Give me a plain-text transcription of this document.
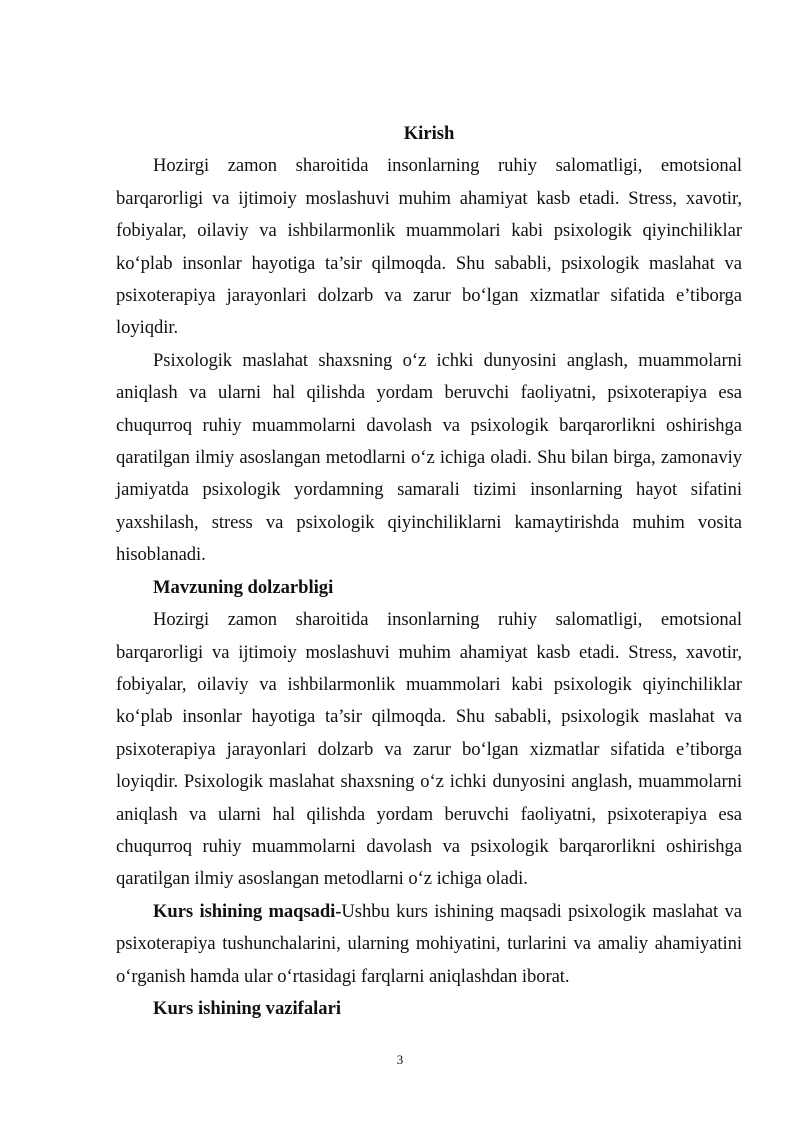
Kirish

Hozirgi zamon sharoitida insonlarning ruhiy salomatligi, emotsional barqarorligi va ijtimoiy moslashuvi muhim ahamiyat kasb etadi. Stress, xavotir, fobiyalar, oilaviy va ishbilarmonlik muammolari kabi psixologik qiyinchiliklar ko‘plab insonlar hayotiga ta’sir qilmoqda. Shu sababli, psixologik maslahat va psixoterapiya jarayonlari dolzarb va zarur bo‘lgan xizmatlar sifatida e’tiborga loyiqdir.

Psixologik maslahat shaxsning o‘z ichki dunyosini anglash, muammolarni aniqlash va ularni hal qilishda yordam beruvchi faoliyatni, psixoterapiya esa chuqurroq ruhiy muammolarni davolash va psixologik barqarorlikni oshirishga qaratilgan ilmiy asoslangan metodlarni o‘z ichiga oladi. Shu bilan birga, zamonaviy jamiyatda psixologik yordamning samarali tizimi insonlarning hayot sifatini yaxshilash, stress va psixologik qiyinchiliklarni kamaytirishda muhim vosita hisoblanadi.

Mavzuning dolzarbligi

Hozirgi zamon sharoitida insonlarning ruhiy salomatligi, emotsional barqarorligi va ijtimoiy moslashuvi muhim ahamiyat kasb etadi. Stress, xavotir, fobiyalar, oilaviy va ishbilarmonlik muammolari kabi psixologik qiyinchiliklar ko‘plab insonlar hayotiga ta’sir qilmoqda. Shu sababli, psixologik maslahat va psixoterapiya jarayonlari dolzarb va zarur bo‘lgan xizmatlar sifatida e’tiborga loyiqdir. Psixologik maslahat shaxsning o‘z ichki dunyosini anglash, muammolarni aniqlash va ularni hal qilishda yordam beruvchi faoliyatni, psixoterapiya esa chuqurroq ruhiy muammolarni davolash va psixologik barqarorlikni oshirishga qaratilgan ilmiy asoslangan metodlarni o‘z ichiga oladi.

Kurs ishining maqsadi-Ushbu kurs ishining maqsadi psixologik maslahat va psixoterapiya tushunchalarini, ularning mohiyatini, turlarini va amaliy ahamiyatini o‘rganish hamda ular o‘rtasidagi farqlarni aniqlashdan iborat.

Kurs ishining vazifalari

3
